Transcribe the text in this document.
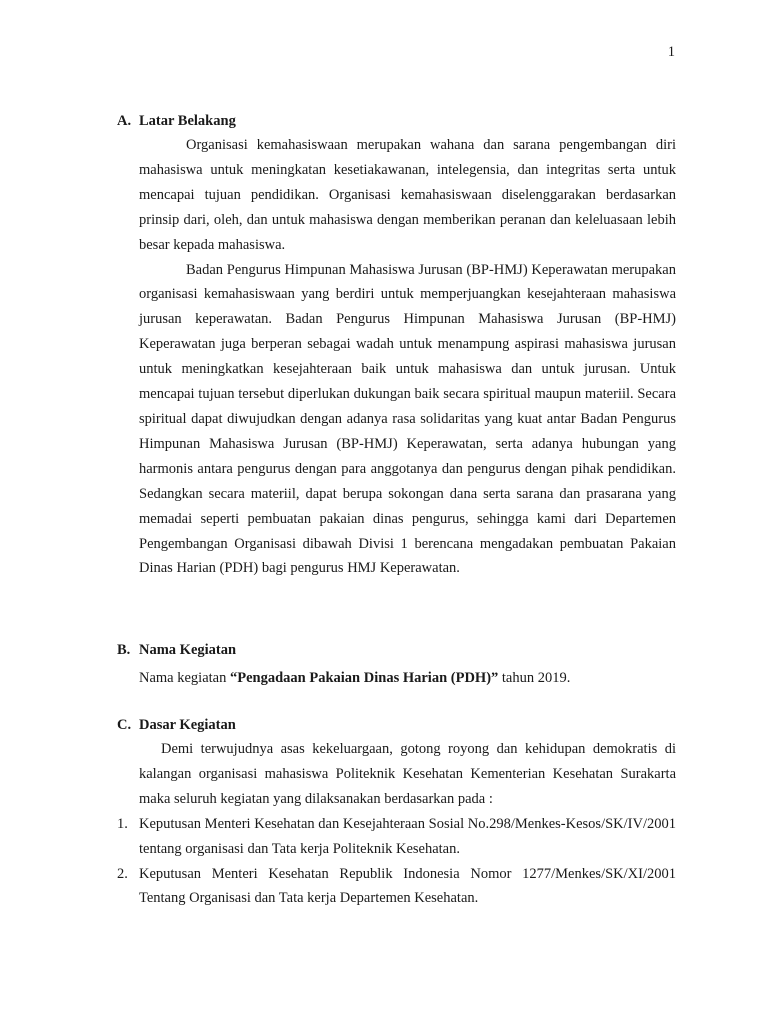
1
A. Latar Belakang

Organisasi kemahasiswaan merupakan wahana dan sarana pengembangan diri mahasiswa untuk meningkatan kesetiakawanan, intelegensia, dan integritas serta untuk mencapai tujuan pendidikan. Organisasi kemahasiswaan diselenggarakan berdasarkan prinsip dari, oleh, dan untuk mahasiswa dengan memberikan peranan dan keleluasaan lebih besar kepada mahasiswa.

Badan Pengurus Himpunan Mahasiswa Jurusan (BP-HMJ) Keperawatan merupakan organisasi kemahasiswaan yang berdiri untuk memperjuangkan kesejahteraan mahasiswa jurusan keperawatan. Badan Pengurus Himpunan Mahasiswa Jurusan (BP-HMJ) Keperawatan juga berperan sebagai wadah untuk menampung aspirasi mahasiswa jurusan untuk meningkatkan kesejahteraan baik untuk mahasiswa dan untuk jurusan. Untuk mencapai tujuan tersebut diperlukan dukungan baik secara spiritual maupun materiil. Secara spiritual dapat diwujudkan dengan adanya rasa solidaritas yang kuat antar Badan Pengurus Himpunan Mahasiswa Jurusan (BP-HMJ) Keperawatan, serta adanya hubungan yang harmonis antara pengurus dengan para anggotanya dan pengurus dengan pihak pendidikan. Sedangkan secara materiil, dapat berupa sokongan dana serta sarana dan prasarana yang memadai seperti pembuatan pakaian dinas pengurus, sehingga kami dari Departemen Pengembangan Organisasi dibawah Divisi 1 berencana mengadakan pembuatan Pakaian Dinas Harian (PDH) bagi pengurus HMJ Keperawatan.

B. Nama Kegiatan

Nama kegiatan “Pengadaan Pakaian Dinas Harian (PDH)” tahun 2019.

C. Dasar Kegiatan

Demi terwujudnya asas kekeluargaan, gotong royong dan kehidupan demokratis di kalangan organisasi mahasiswa Politeknik Kesehatan Kementerian Kesehatan Surakarta maka seluruh kegiatan yang dilaksanakan berdasarkan pada :

1. Keputusan Menteri Kesehatan dan Kesejahteraan Sosial No.298/Menkes-Kesos/SK/IV/2001 tentang organisasi dan Tata kerja Politeknik Kesehatan.
2. Keputusan Menteri Kesehatan Republik Indonesia Nomor 1277/Menkes/SK/XI/2001 Tentang Organisasi dan Tata kerja Departemen Kesehatan.
